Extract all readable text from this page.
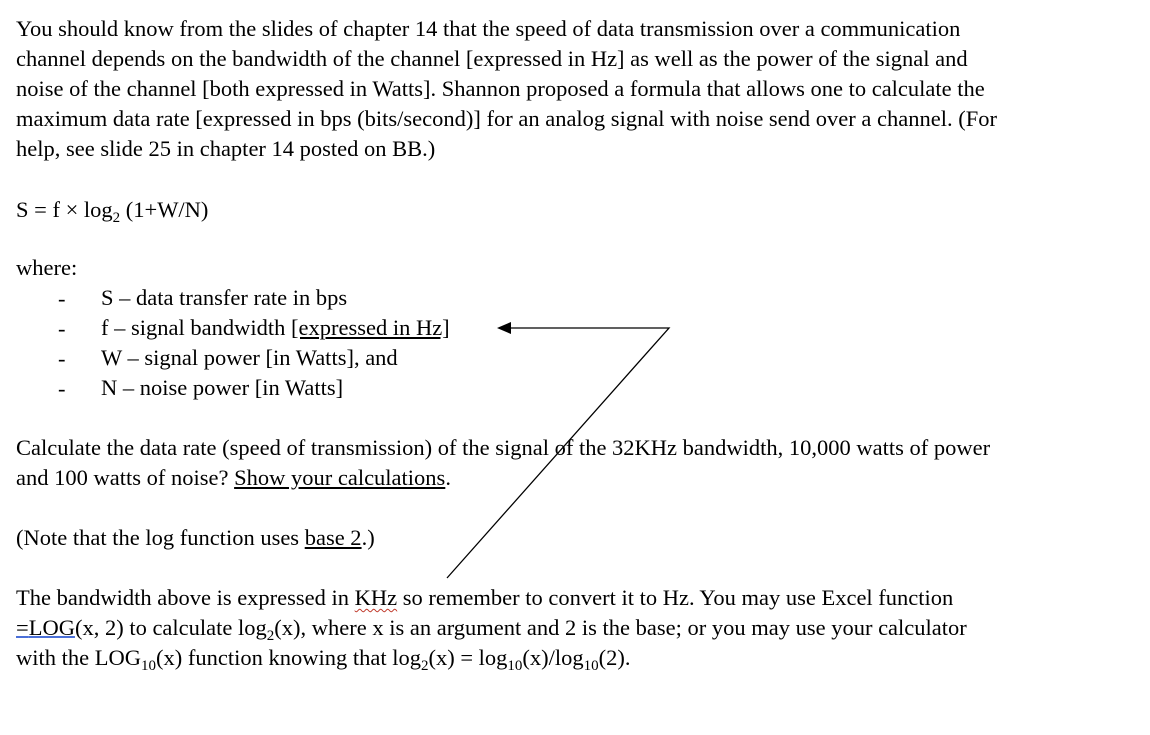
You should know from the slides of chapter 14 that the speed of data transmission over a communication
channel depends on the bandwidth of the channel [expressed in Hz] as well as the power of the signal and
noise of the channel [both expressed in Watts]. Shannon proposed a formula that allows one to calculate the
maximum data rate [expressed in bps (bits/second)] for an analog signal with noise send over a channel. (For
help, see slide 25 in chapter 14 posted on BB.)
$S = f \times \log_2 (1+W/N)$
where:
- S – data transfer rate in bps
- f – signal bandwidth [expressed in Hz]
- W – signal power [in Watts], and
- N – noise power [in Watts]
Calculate the data rate (speed of transmission) of the signal of the 32KHz bandwidth, 10,000 watts of power
and 100 watts of noise? Show your calculations.
(Note that the log function uses base 2.)
The bandwidth above is expressed in KHz so remember to convert it to Hz. You may use Excel function
=LOG(x, 2) to calculate $\log_2(x)$, where x is an argument and 2 is the base; or you may use your calculator
with the $LOG_{10}(x)$ function knowing that $\log_2(x) = \log_{10}(x)/\log_{10}(2)$.
